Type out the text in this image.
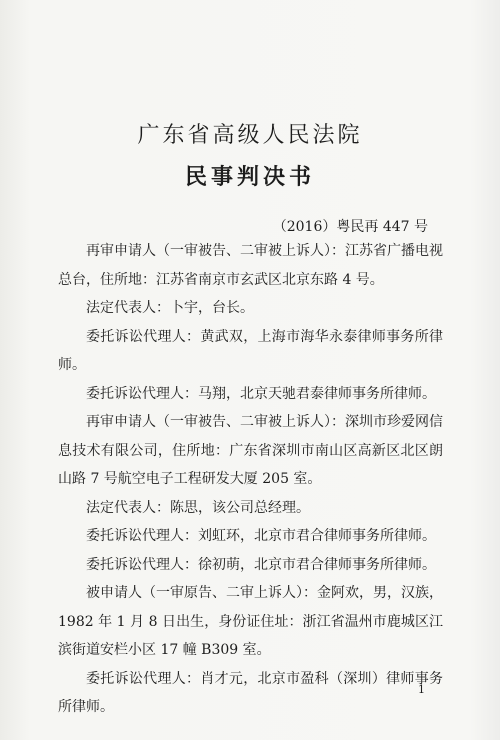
广东省高级人民法院
民事判决书
（2016）粤民再 447 号

再审申请人（一审被告、二审被上诉人）：江苏省广播电视总台，住所地：江苏省南京市玄武区北京东路 4 号。

法定代表人：卜宇，台长。

委托诉讼代理人：黄武双，上海市海华永泰律师事务所律师。

委托诉讼代理人：马翔，北京天驰君泰律师事务所律师。

再审申请人（一审被告、二审被上诉人）：深圳市珍爱网信息技术有限公司，住所地：广东省深圳市南山区高新区北区朗山路 7 号航空电子工程研发大厦 205 室。

法定代表人：陈思，该公司总经理。

委托诉讼代理人：刘虹环，北京市君合律师事务所律师。

委托诉讼代理人：徐初萌，北京市君合律师事务所律师。

被申请人（一审原告、二审上诉人）：金阿欢，男，汉族，1982 年 1 月 8 日出生，身份证住址：浙江省温州市鹿城区江滨街道安栏小区 17 幢 B309 室。

委托诉讼代理人：肖才元，北京市盈科（深圳）律师事务所律师。

1
